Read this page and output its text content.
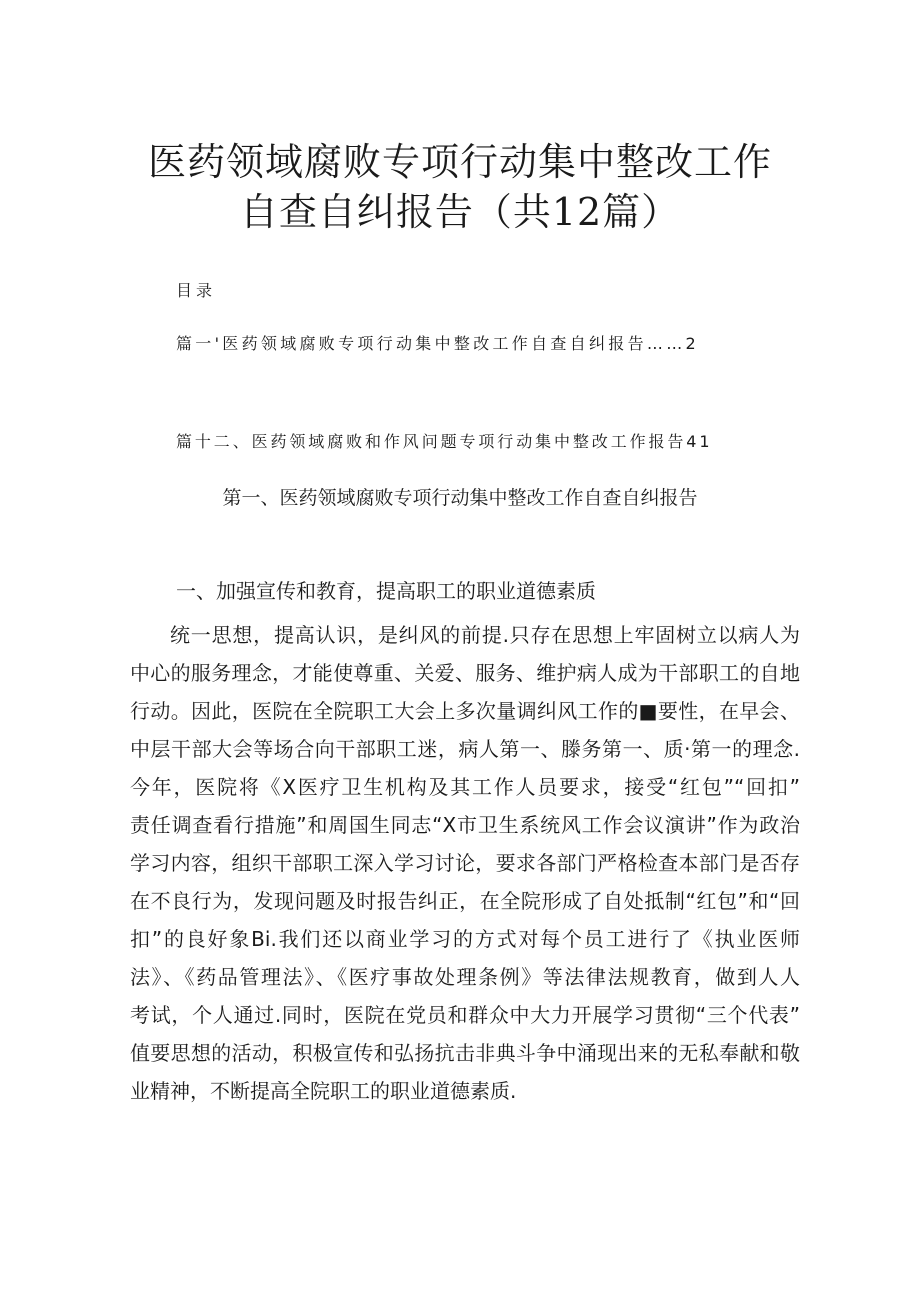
医药领域腐败专项行动集中整改工作
自查自纠报告（共12篇）
目录
篇一'医药领域腐败专项行动集中整改工作自查自纠报告……2
篇十二、医药领域腐败和作风问题专项行动集中整改工作报告41
第一、医药领域腐败专项行动集中整改工作自查自纠报告
一、加强宣传和教育，提高职工的职业道德素质
统一思想，提高认识，是纠风的前提.只存在思想上牢固树立以病人为
中心的服务理念，才能使尊重、关爱、服务、维护病人成为干部职工的自地
行动。因此，医院在全院职工大会上多次量调纠风工作的■要性，在早会、
中层干部大会等场合向干部职工迷，病人第一、滕务第一、质·第一的理念.
今年，医院将《X医疗卫生机构及其工作人员要求，接受“红包”“回扣”
责任调查看行措施”和周国生同志“X市卫生系统风工作会议演讲”作为政治
学习内容，组织干部职工深入学习讨论，要求各部门严格检查本部门是否存
在不良行为，发现问题及时报告纠正，在全院形成了自处抵制“红包”和“回
扣”的良好象Bi.我们还以商业学习的方式对每个员工进行了《执业医师
法》、《药品管理法》、《医疗事故处理条例》等法律法规教育，做到人人
考试，个人通过.同时，医院在党员和群众中大力开展学习贯彻“三个代表”
值要思想的活动，积极宣传和弘扬抗击非典斗争中涌现出来的无私奉献和敬
业精神，不断提高全院职工的职业道德素质.
